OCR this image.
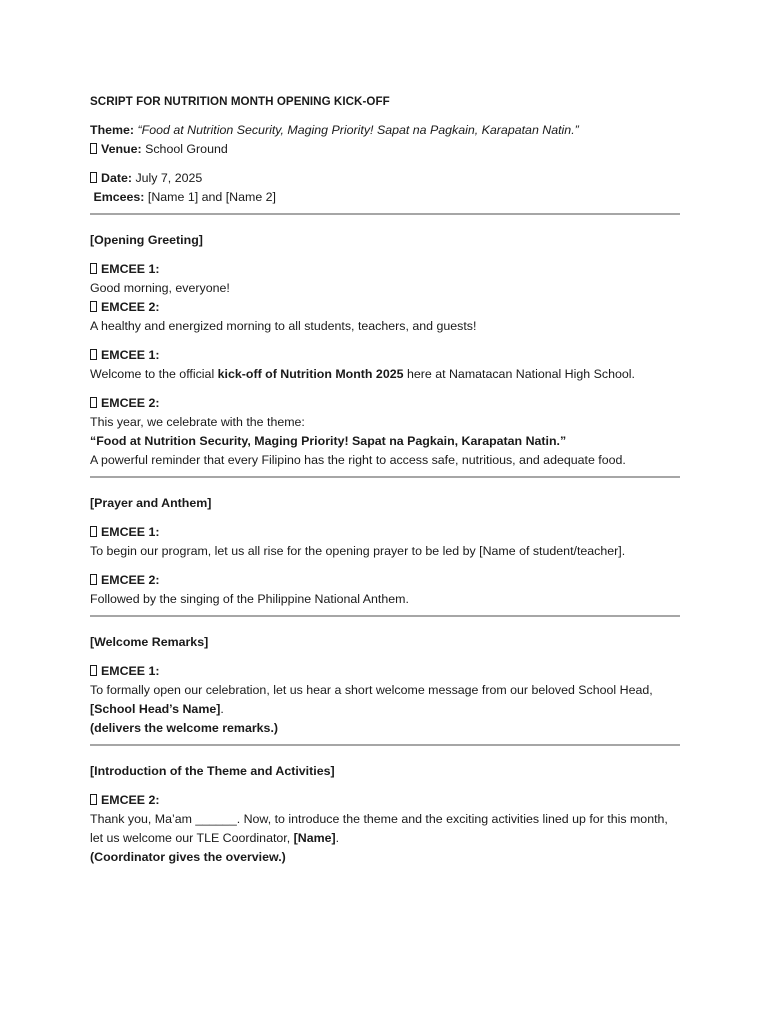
SCRIPT FOR NUTRITION MONTH OPENING KICK-OFF

Theme: “Food at Nutrition Security, Maging Priority! Sapat na Pagkain, Karapatan Natin.”

Venue: School Ground

Date: July 7, 2025

Emcees: [Name 1] and [Name 2]

[Opening Greeting]

EMCEE 1:

Good morning, everyone!

EMCEE 2:

A healthy and energized morning to all students, teachers, and guests!

EMCEE 1:

Welcome to the official kick-off of Nutrition Month 2025 here at Namatacan National High School.

EMCEE 2:

This year, we celebrate with the theme:

“Food at Nutrition Security, Maging Priority! Sapat na Pagkain, Karapatan Natin.”

A powerful reminder that every Filipino has the right to access safe, nutritious, and adequate food.

[Prayer and Anthem]

EMCEE 1:

To begin our program, let us all rise for the opening prayer to be led by [Name of student/teacher].

EMCEE 2:

Followed by the singing of the Philippine National Anthem.

[Welcome Remarks]

EMCEE 1:

To formally open our celebration, let us hear a short welcome message from our beloved School Head,

[School Head’s Name].

(delivers the welcome remarks.)

[Introduction of the Theme and Activities]

EMCEE 2:

Thank you, Ma’am ______. Now, to introduce the theme and the exciting activities lined up for this month, let us welcome our TLE Coordinator, [Name].

(Coordinator gives the overview.)
